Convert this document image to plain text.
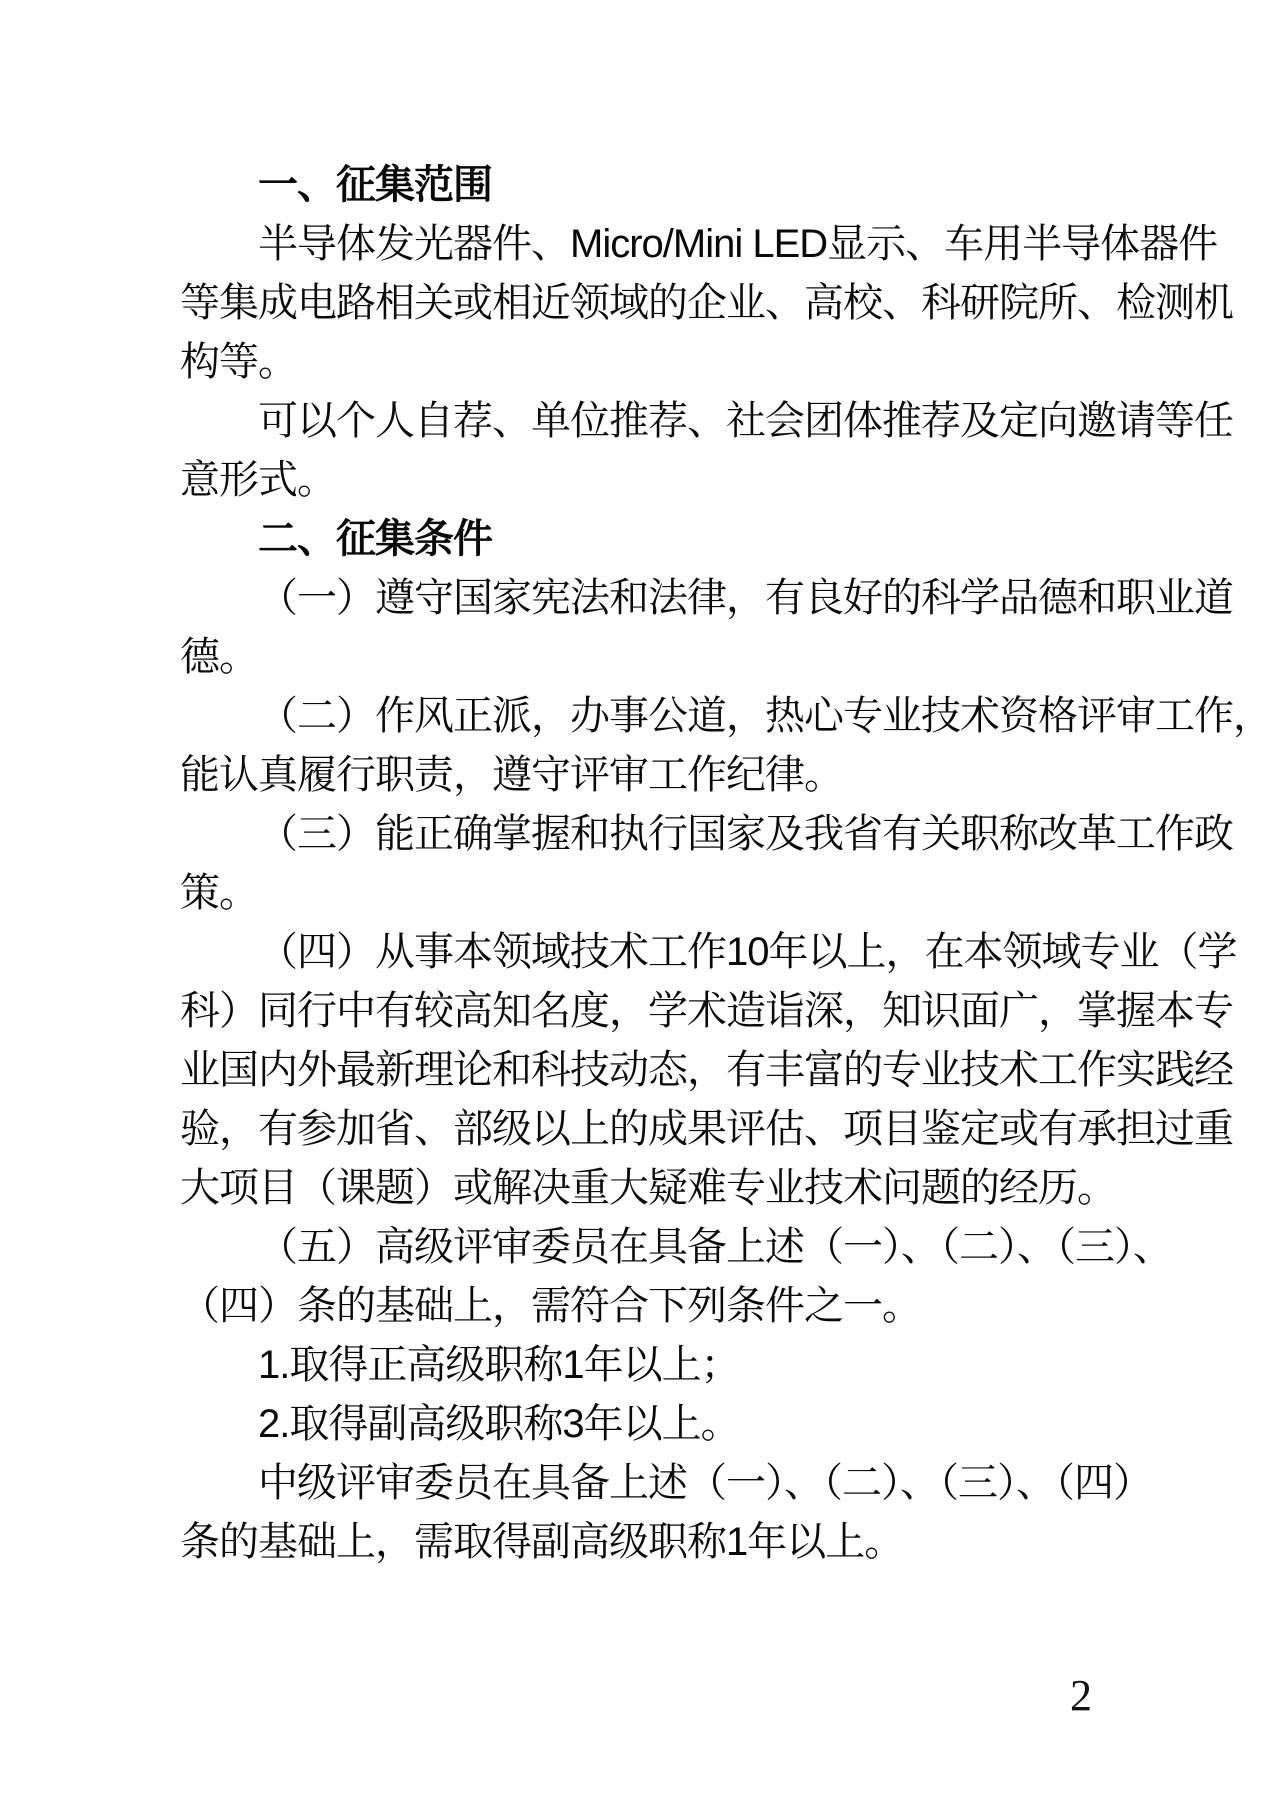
一、征集范围
半导体发光器件、Micro/Mini LED显示、车用半导体器件
等集成电路相关或相近领域的企业、高校、科研院所、检测机
构等。
可以个人自荐、单位推荐、社会团体推荐及定向邀请等任
意形式。
二、征集条件
（一）遵守国家宪法和法律，有良好的科学品德和职业道
德。
（二）作风正派，办事公道，热心专业技术资格评审工作，
能认真履行职责，遵守评审工作纪律。
（三）能正确掌握和执行国家及我省有关职称改革工作政
策。
（四）从事本领域技术工作10年以上，在本领域专业（学
科）同行中有较高知名度，学术造诣深，知识面广，掌握本专
业国内外最新理论和科技动态，有丰富的专业技术工作实践经
验，有参加省、部级以上的成果评估、项目鉴定或有承担过重
大项目（课题）或解决重大疑难专业技术问题的经历。
（五）高级评审委员在具备上述（一）、（二）、（三）、
（四）条的基础上，需符合下列条件之一。
1.取得正高级职称1年以上；
2.取得副高级职称3年以上。
中级评审委员在具备上述（一）、（二）、（三）、（四）
条的基础上，需取得副高级职称1年以上。
2
